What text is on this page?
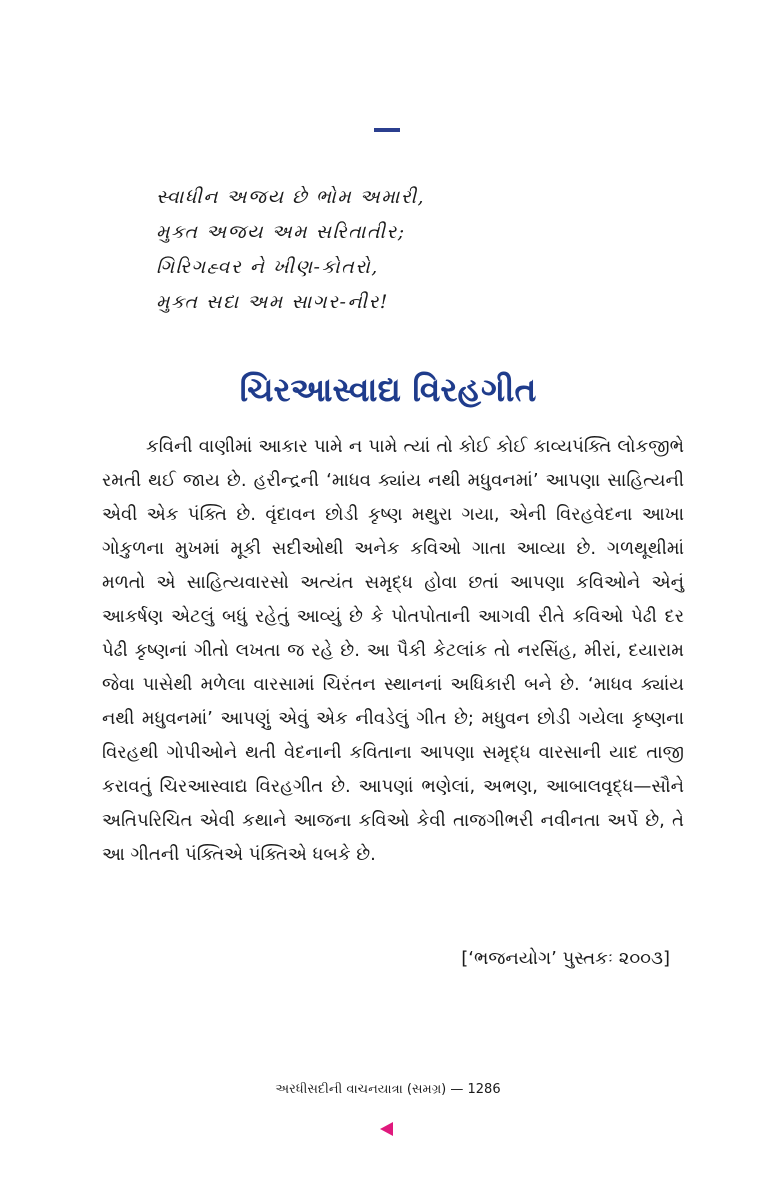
સ્વાધીન અજય છે ભોમ અમારી,
મુક્ત અજય અમ સરિતાતીર;
ગિરિગહ્વર ને ખીણ-કોતરો,
મુક્ત સદા અમ સાગર-નીર!
ચિરઆસ્વાદ્ય વિરહગીત

કવિની વાણીમાં આકાર પામે ન પામે ત્યાં તો કોઈ કોઈ કાવ્યપંક્તિ લોકજીભે રમતી થઈ જાય છે. હરીન્દ્રની ‘માધવ ક્યાંય નથી મધુવનમાં’ આપણા સાહિત્યની એવી એક પંક્તિ છે. વૃંદાવન છોડી કૃષ્ણ મથુરા ગયા, એની વિરહવેદના આખા ગોકુળના મુખમાં મૂકી સદીઓથી અનેક કવિઓ ગાતા આવ્યા છે. ગળથૂથીમાં મળતો એ સાહિત્યવારસો અત્યંત સમૃદ્ધ હોવા છતાં આપણા કવિઓને એનું આકર્ષણ એટલું બધું રહેતું આવ્યું છે કે પોતપોતાની આગવી રીતે કવિઓ પેઢી દર પેઢી કૃષ્ણનાં ગીતો લખતા જ રહે છે. આ પૈકી કેટલાંક તો નરસિંહ, મીરાં, દયારામ જેવા પાસેથી મળેલા વારસામાં ચિરંતન સ્થાનનાં અધિકારી બને છે. ‘માધવ ક્યાંય નથી મધુવનમાં’ આપણું એવું એક નીવડેલું ગીત છે; મધુવન છોડી ગયેલા કૃષ્ણના વિરહથી ગોપીઓને થતી વેદનાની કવિતાના આપણા સમૃદ્ધ વારસાની યાદ તાજી કરાવતું ચિરઆસ્વાદ્ય વિરહગીત છે. આપણાં ભણેલાં, અભણ, આબાલવૃદ્ધ—સૌને અતિપરિચિત એવી કથાને આજના કવિઓ કેવી તાજગીભરી નવીનતા અર્પે છે, તે આ ગીતની પંક્તિએ પંક્તિએ ધબકે છે.

[‘ભજનયોગ’ પુસ્તકઃ ૨૦૦૩]
અરધીસદીની વાચનયાત્રા (સમગ્ર) — 1286
